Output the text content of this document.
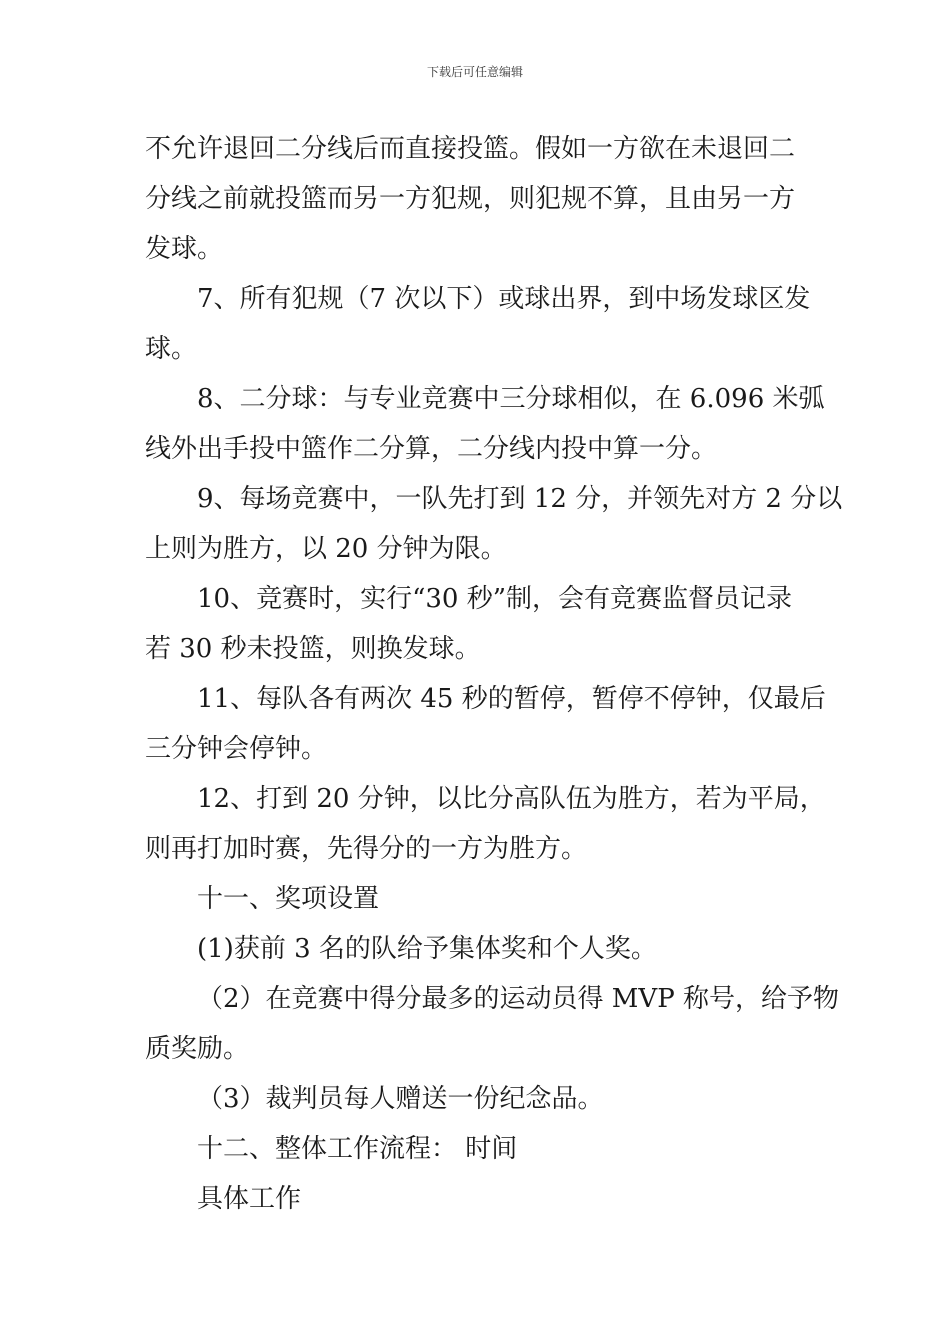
下载后可任意编辑
不允许退回二分线后而直接投篮。假如一方欲在未退回二
分线之前就投篮而另一方犯规，则犯规不算，且由另一方
发球。
7、所有犯规（7 次以下）或球出界，到中场发球区发
球。
8、二分球：与专业竞赛中三分球相似，在 6.096 米弧
线外出手投中篮作二分算，二分线内投中算一分。
9、每场竞赛中，一队先打到 12 分，并领先对方 2 分以
上则为胜方，以 20 分钟为限。
10、竞赛时，实行“30 秒”制，会有竞赛监督员记录
若 30 秒未投篮，则换发球。
11、每队各有两次 45 秒的暂停，暂停不停钟，仅最后
三分钟会停钟。
12、打到 20 分钟，以比分高队伍为胜方，若为平局，
则再打加时赛，先得分的一方为胜方。
十一、奖项设置
(1)获前 3 名的队给予集体奖和个人奖。
（2）在竞赛中得分最多的运动员得 MVP 称号，给予物
质奖励。
（3）裁判员每人赠送一份纪念品。
十二、整体工作流程： 时间
具体工作
